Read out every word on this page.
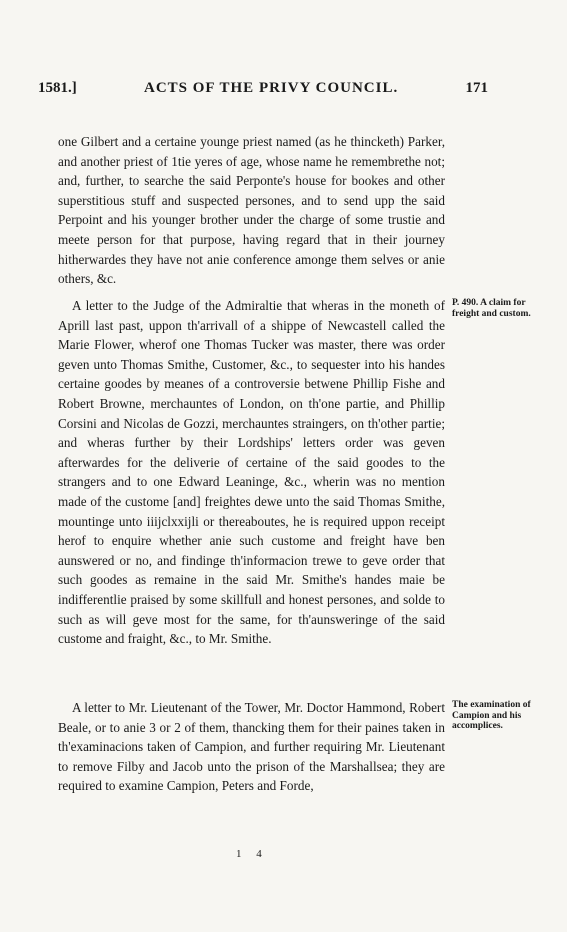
1581.]	ACTS OF THE PRIVY COUNCIL.	171

one Gilbert and a certaine younge priest named (as he thincketh) Parker, and another priest of 1tie yeres of age, whose name he remembrethe not; and, further, to searche the said Perponte's house for bookes and other superstitious stuff and suspected persones, and to send upp the said Perpoint and his younger brother under the charge of some trustie and meete person for that purpose, having regard that in their journey hitherwardes they have not anie conference amonge them selves or anie others, &c.

A letter to the Judge of the Admiraltie that wheras in the moneth of Aprill last past, uppon th'arrivall of a shippe of Newcastell called the Marie Flower, wherof one Thomas Tucker was master, there was order geven unto Thomas Smithe, Customer, &c., to sequester into his handes certaine goodes by meanes of a controversie betwene Phillip Fishe and Robert Browne, merchauntes of London, on th'one partie, and Phillip Corsini and Nicolas de Gozzi, merchauntes straingers, on th'other partie; and wheras further by their Lordships' letters order was geven afterwardes for the deliverie of certaine of the said goodes to the strangers and to one Edward Leaninge, &c., wherin was no mention made of the custome [and] freightes dewe unto the said Thomas Smithe, mountinge unto iiijclxxijli or thereaboutes, he is required uppon receipt herof to enquire whether anie such custome and freight have ben aunswered or no, and findinge th'informacion trewe to geve order that such goodes as remaine in the said Mr. Smithe's handes maie be indifferentlie praised by some skillfull and honest persones, and solde to such as will geve most for the same, for th'aunsweringe of the said custome and fraight, &c., to Mr. Smithe.

P. 490. A claim for freight and custom.

A letter to Mr. Lieutenant of the Tower, Mr. Doctor Hammond, Robert Beale, or to anie 3 or 2 of them, thancking them for their paines taken in th'examinacions taken of Campion, and further requiring Mr. Lieutenant to remove Filby and Jacob unto the prison of the Marshallsea; they are required to examine Campion, Peters and Forde,

The examination of Campion and his accomplices.
1 4
